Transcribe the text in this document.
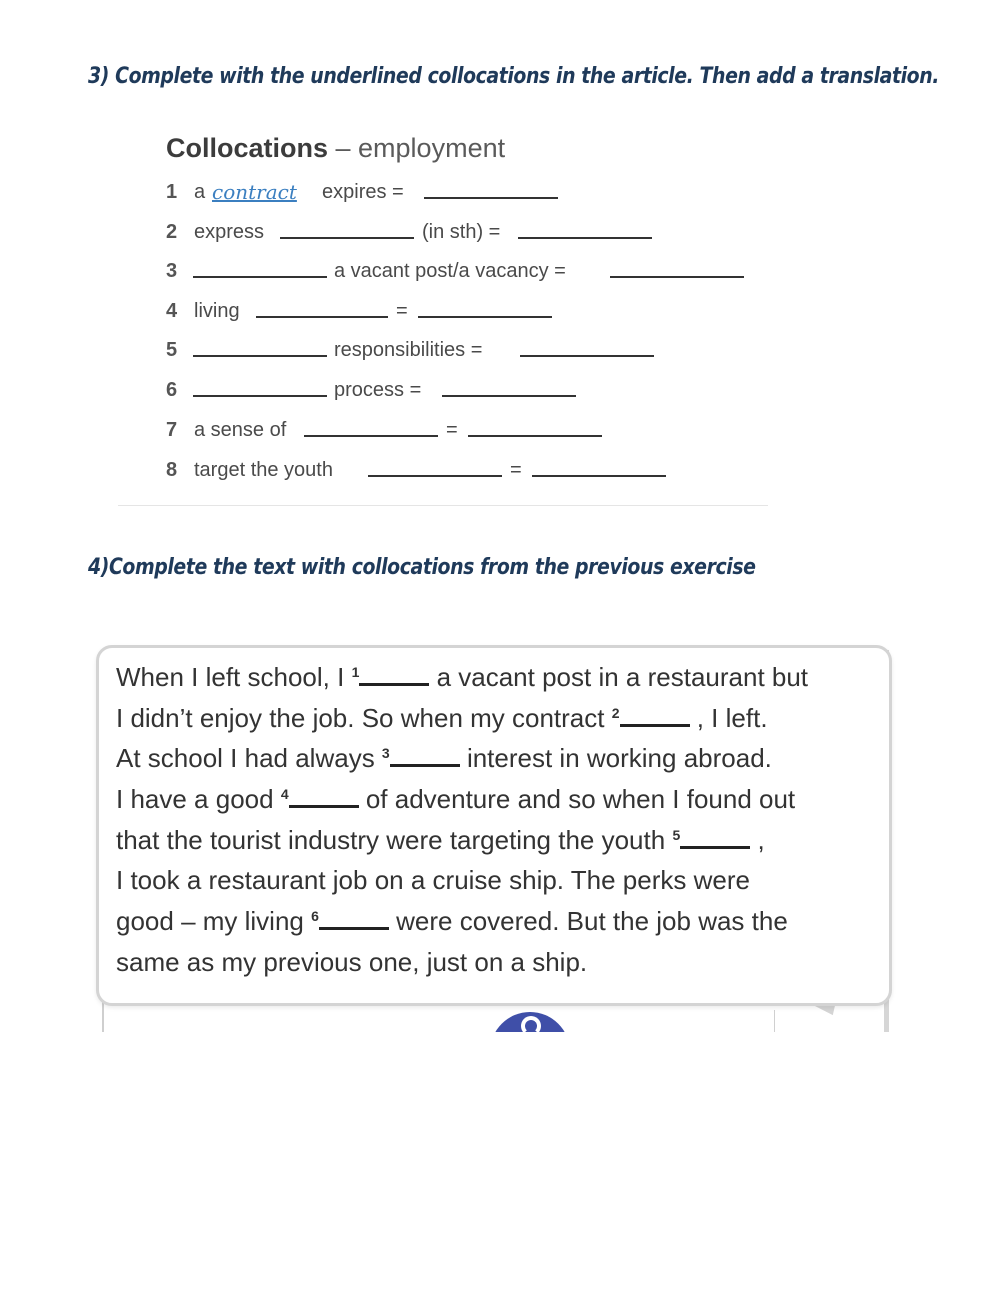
3) Complete with the underlined collocations in the article. Then add a translation.
Collocations – employment
1 a contract expires =
2 express	(in sth) =
3	a vacant post/a vacancy =
4 living	=
5	responsibilities =
6	process =
7 a sense of	=
8 target the youth	=
4)Complete the text with collocations from the previous exercise
When I left school, I $^1$	a vacant post in a restaurant but
I didn’t enjoy the job. So when my contract $^2$	, I left.
At school I had always $^3$	interest in working abroad.
I have a good $^4$	of adventure and so when I found out
that the tourist industry were targeting the youth $^5$	,
I took a restaurant job on a cruise ship. The perks were
good – my living $^6$	were covered. But the job was the
same as my previous one, just on a ship.
